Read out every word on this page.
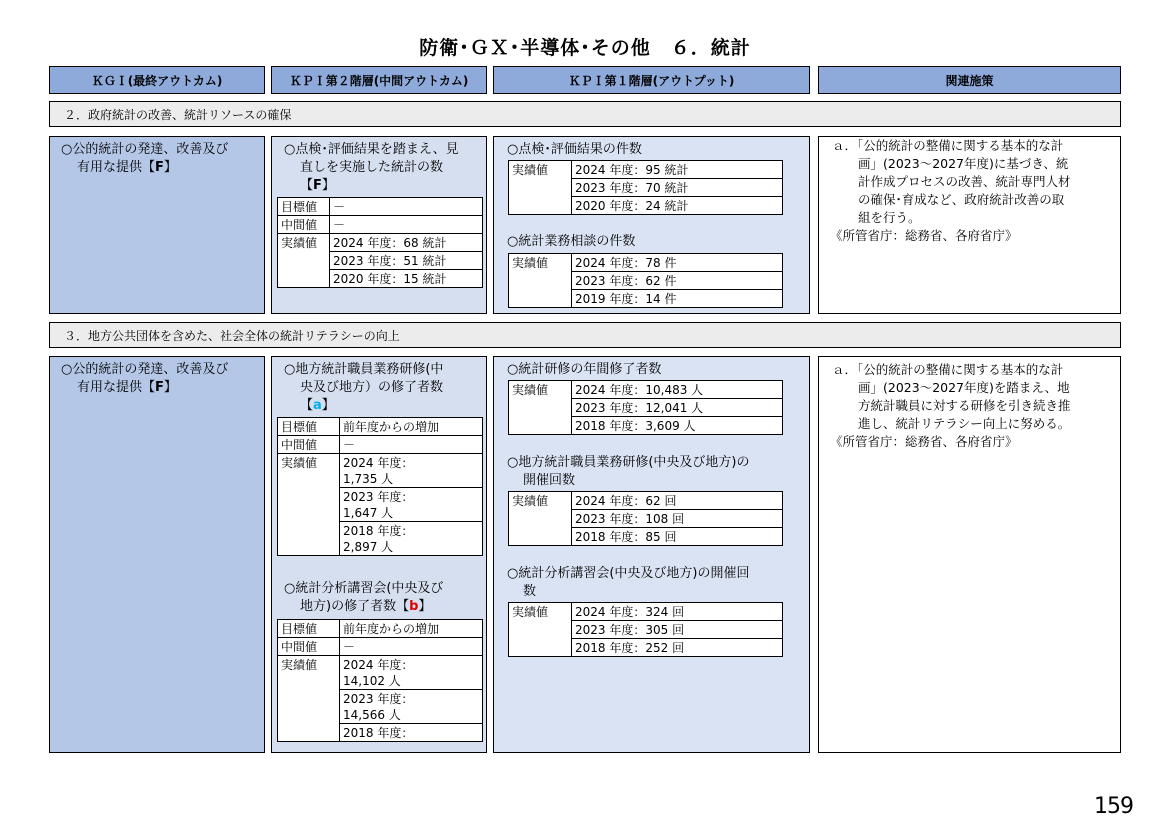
防衛･ＧＸ･半導体･その他　６．統計
ＫＧＩ(最終アウトカム)	ＫＰＩ第２階層(中間アウトカム)	ＫＰＩ第１階層(アウトプット)	関連施策
２．政府統計の改善、統計リソースの確保
○公的統計の発達、改善及び
有用な提供【F】
○点検･評価結果を踏まえ、見
直しを実施した統計の数
【F】
目標値	－
中間値	－
実績値	2024 年度：68 統計
	2023 年度：51 統計
	2020 年度：15 統計
○点検･評価結果の件数
実績値	2024 年度：95 統計
	2023 年度：70 統計
	2020 年度：24 統計
○統計業務相談の件数
実績値	2024 年度：78 件
	2023 年度：62 件
	2019 年度：14 件
ａ．「公的統計の整備に関する基本的な計
画」(2023～2027年度)に基づき、統
計作成プロセスの改善、統計専門人材
の確保･育成など、政府統計改善の取
組を行う。
《所管省庁：総務省、各府省庁》
３．地方公共団体を含めた、社会全体の統計リテラシーの向上
○公的統計の発達、改善及び
有用な提供【F】
○地方統計職員業務研修(中
央及び地方）の修了者数
【a】
目標値	前年度からの増加
中間値	－
実績値	2024 年度：
1,735 人

	2023 年度：
1,647 人

	2018 年度：
2,897 人
○統計分析講習会(中央及び
地方)の修了者数【b】
目標値	前年度からの増加
中間値	－
実績値	2024 年度：
14,102 人

	2023 年度：
14,566 人

	2018 年度：
○統計研修の年間修了者数
実績値	2024 年度：10,483 人
	2023 年度：12,041 人
	2018 年度：3,609 人
○地方統計職員業務研修(中央及び地方)の
開催回数
実績値	2024 年度：62 回
	2023 年度：108 回
	2018 年度：85 回
○統計分析講習会(中央及び地方)の開催回
数
実績値	2024 年度：324 回
	2023 年度：305 回
	2018 年度：252 回
ａ．「公的統計の整備に関する基本的な計
画」(2023～2027年度)を踏まえ、地
方統計職員に対する研修を引き続き推
進し、統計リテラシー向上に努める。
《所管省庁：総務省、各府省庁》
159
